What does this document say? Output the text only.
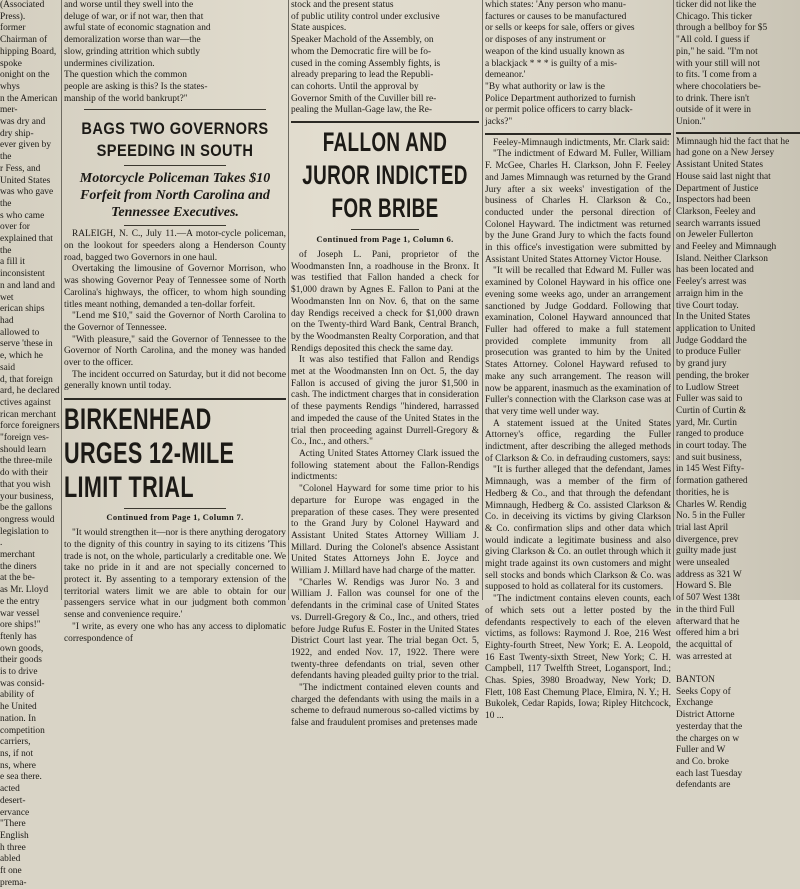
(Associated Press).
former Chairman of
hipping Board, spoke
onight on the whys
n the American mer-
was dry and dry ship-
ever given by the
r Fess, and United States
was who gave the
s who came over for
explained that the
a fill it inconsistent
n and land and wet
erican ships had
allowed to serve 'these in
e, which he said
d, that foreign
ard, he declared
ctives against
rican merchant
force foreigners
"foreign ves-
should learn
the three-mile
do with their
that you wish
your business,
be the gallons
ongress would
legislation to
.
merchant
the diners
at the be-
as Mr. Lloyd
e the entry
war vessel
ore ships!"
ftenly has
own goods,
their goods
is to drive
was consid-
ability of
he United
nation. In
competition
carriers,
ns, if not
ns, where
e sea there.
acted
desert-
ervance
"There
English
h three
abled
ft one
prema-
and worse until they swell into the
deluge of war, or if not war, then that
awful state of economic stagnation and
demoralization worse than war—the
slow, grinding attrition which subtly
undermines civilization.
The question which the common
people are asking is this? Is the states-
manship of the world bankrupt?"
BAGS TWO GOVERNORS SPEEDING IN SOUTH
Motorcycle Policeman Takes $10 Forfeit from North Carolina and Tennessee Executives.

RALEIGH, N. C., July 11.—A motor-cycle policeman, on the lookout for speeders along a Henderson County road, bagged two Governors in one haul.

Overtaking the limousine of Governor Morrison, who was showing Governor Peay of Tennessee some of North Carolina's highways, the officer, to whom high sounding titles meant nothing, demanded a ten-dollar forfeit.

"Lend me $10," said the Governor of North Carolina to the Governor of Tennessee.

"With pleasure," said the Governor of Tennessee to the Governor of North Carolina, and the money was handed over to the officer.

The incident occurred on Saturday, but it did not become generally known until today.

BIRKENHEAD URGES 12-MILE LIMIT TRIAL
Continued from Page 1, Column 7.

"It would strengthen it—nor is there anything derogatory to the dignity of this country in saying to its citizens 'This trade is not, on the whole, particularly a creditable one. We take no pride in it and are not specially concerned to protect it. By assenting to a temporary extension of the territorial waters limit we are able to obtain for our passengers service what in our judgment both common sense and convenience require.'

"I write, as every one who has any access to diplomatic correspondence of

stock and the present status
of public utility control under exclusive
State auspices.
Speaker Machold of the Assembly, on
whom the Democratic fire will be fo-
cused in the coming Assembly fights, is
already preparing to lead the Republi-
can cohorts. Until the approval by
Governor Smith of the Cuviller bill re-
pealing the Mullan-Gage law, the Re-
FALLON AND JUROR INDICTED FOR BRIBE
Continued from Page 1, Column 6.

of Joseph L. Pani, proprietor of the Woodmansten Inn, a roadhouse in the Bronx. It was testified that Fallon handed a check for $1,000 drawn by Agnes E. Fallon to Pani at the Woodmansten Inn on Nov. 6, that on the same day Rendigs received a check for $1,000 drawn on the Twenty-third Ward Bank, Central Branch, by the Woodmansten Realty Corporation, and that Rendigs deposited this check the same day.

It was also testified that Fallon and Rendigs met at the Woodmansten Inn on Oct. 5, the day Fallon is accused of giving the juror $1,500 in cash. The indictment charges that in consideration of these payments Rendigs "hindered, harrassed and impeded the cause of the United States in the trial then proceeding against Durrell-Gregory & Co., Inc., and others."

Acting United States Attorney Clark issued the following statement about the Fallon-Rendigs indictments:

"Colonel Hayward for some time prior to his departure for Europe was engaged in the preparation of these cases. They were presented to the Grand Jury by Colonel Hayward and Assistant United States Attorney William J. Millard. During the Colonel's absence Assistant United States Attorneys John E. Joyce and William J. Millard have had charge of the matter.

"Charles W. Rendigs was Juror No. 3 and William J. Fallon was counsel for one of the defendants in the criminal case of United States vs. Durrell-Gregory & Co., Inc., and others, tried before Judge Rufus E. Foster in the United States District Court last year. The trial began Oct. 5, 1922, and ended Nov. 17, 1922. There were twenty-three defendants on trial, seven other defendants having pleaded guilty prior to the trial.

"The indictment contained eleven counts and charged the defendants with using the mails in a scheme to defraud numerous so-called victims by false and fraudulent promises and pretenses made

which states: 'Any person who manu-
factures or causes to be manufactured
or sells or keeps for sale, offers or gives
or disposes of any instrument or
weapon of the kind usually known as
a blackjack * * * is guilty of a mis-
demeanor.'
"By what authority or law is the
Police Department authorized to furnish
or permit police officers to carry black-
jacks?"

Feeley-Mimnaugh indictments, Mr. Clark said:

"The indictment of Edward M. Fuller, William F. McGee, Charles H. Clarkson, John F. Feeley and James Mimnaugh was returned by the Grand Jury after a six weeks' investigation of the business of Charles H. Clarkson & Co., conducted under the personal direction of Colonel Hayward. The indictment was returned by the June Grand Jury to which the facts found in this office's investigation were submitted by Assistant United States Attorney Victor House.

"It will be recalled that Edward M. Fuller was examined by Colonel Hayward in his office one evening some weeks ago, under an arrangement sanctioned by Judge Goddard. Following that examination, Colonel Hayward announced that Fuller had offered to make a full statement provided complete immunity from all prosecution was granted to him by the United States Attorney. Colonel Hayward refused to make any such arrangement. The reason will now be apparent, inasmuch as the examination of Fuller's connection with the Clarkson case was at that very time well under way.

A statement issued at the United States Attorney's office, regarding the Fuller indictment, after describing the alleged methods of Clarkson & Co. in defrauding customers, says:

"It is further alleged that the defendant, James Mimnaugh, was a member of the firm of Hedberg & Co., and that through the defendant Mimnaugh, Hedberg & Co. assisted Clarkson & Co. in deceiving its victims by giving Clarkson & Co. confirmation slips and other data which would indicate a legitimate business and also giving Clarkson & Co. an outlet through which it might trade against its own customers and might sell stocks and bonds which Clarkson & Co. was supposed to hold as collateral for its customers.

"The indictment contains eleven counts, each of which sets out a letter posted by the defendants respectively to each of the eleven victims, as follows: Raymond J. Roe, 216 West Eighty-fourth Street, New York; E. A. Leopold, 16 East Twenty-sixth Street, New York; C. H. Campbell, 117 Twelfth Street, Logansport, Ind.; Chas. Spies, 3980 Broadway, New York; D. Flett, 108 East Chemung Place, Elmira, N. Y.; H. Bukolek, Cedar Rapids, Iowa; Ripley Hitchcock, 10 ...

ticker did not like the
Chicago. This ticker
through a bellboy for $5
"All cold. I guess if
pin," he said. "I'm not
with your still will not
to fits. 'I come from a
where chocolatiers be-
to drink. There isn't
outside of it were in
Union."
Mimnaugh hid the fact that he had gone on a New Jersey Assistant United States
House said last night that
Department of Justice
Inspectors had been
Clarkson, Feeley and
search warrants issued
on Jeweler Fullerton
and Feeley and Mimnaugh
Island. Neither Clarkson
has been located and
Feeley's arrest was
arraign him in the
tive Court today.
In the United States
application to United
Judge Goddard the
to produce Fuller
by grand jury
pending, the broker
to Ludlow Street
Fuller was said to
Curtin of Curtin &
yard, Mr. Curtin
ranged to produce
in court today. The
and suit business,
in 145 West Fifty-
formation gathered
thorities, he is
Charles W. Rendig
No. 5 in the Fuller
trial last April
divergence, prev
guilty made just
were unsealed
address as 321 W
Howard S. Ble
of 507 West 138t
in the third Full
afterward that he
offered him a bri
the acquittal of
was arrested at

BANTON
Seeks Copy of
Exchange
District Attorne
yesterday that the
the charges on w
Fuller and W
and Co. broke
each last Tuesday
defendants are
